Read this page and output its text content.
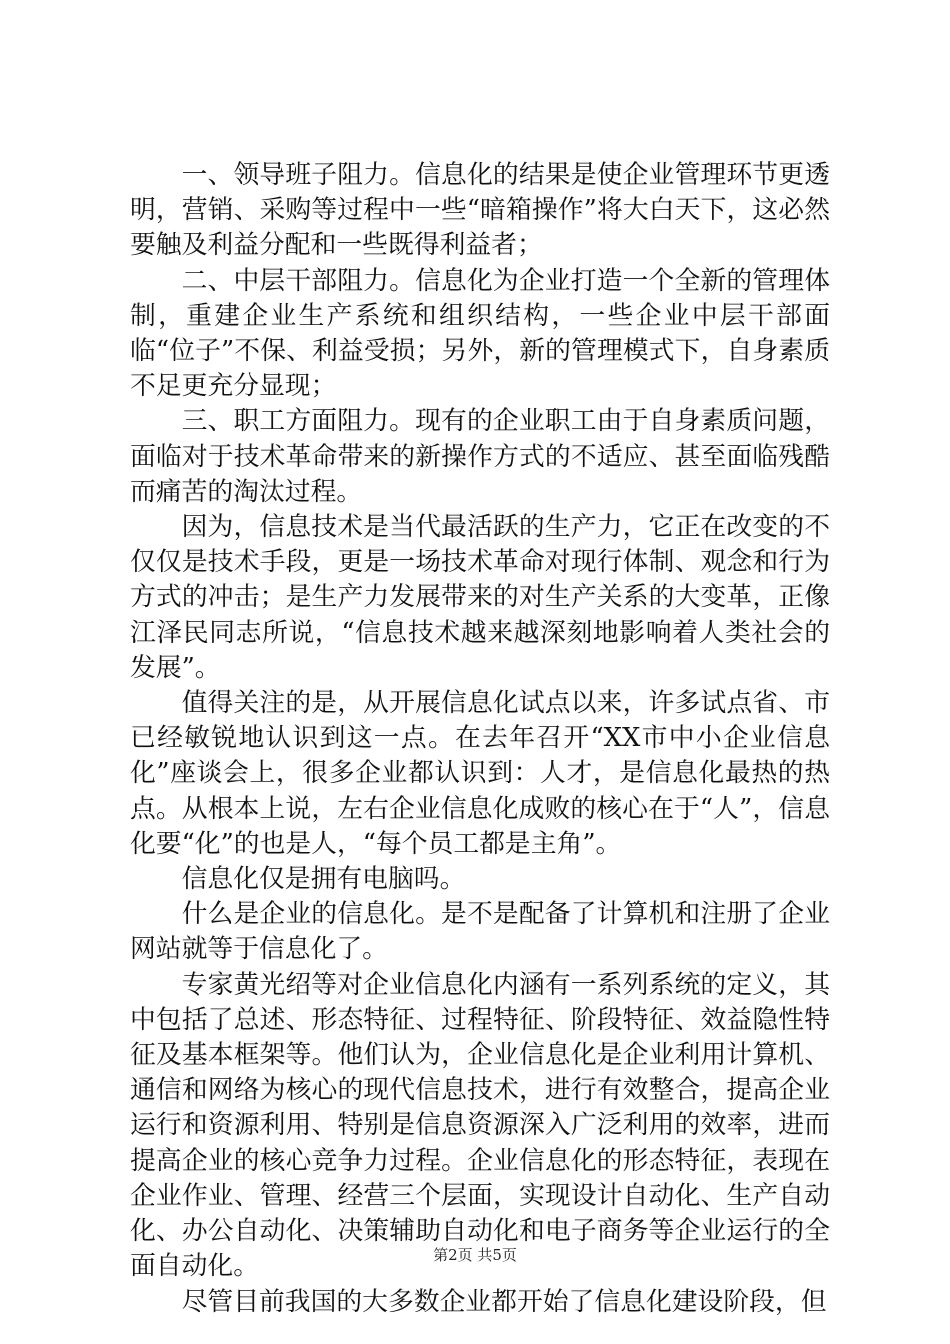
一、领导班子阻力。信息化的结果是使企业管理环节更透明，营销、采购等过程中一些“暗箱操作”将大白天下，这必然要触及利益分配和一些既得利益者；

二、中层干部阻力。信息化为企业打造一个全新的管理体制，重建企业生产系统和组织结构，一些企业中层干部面临“位子”不保、利益受损；另外，新的管理模式下，自身素质不足更充分显现；

三、职工方面阻力。现有的企业职工由于自身素质问题，面临对于技术革命带来的新操作方式的不适应、甚至面临残酷而痛苦的淘汰过程。

因为，信息技术是当代最活跃的生产力，它正在改变的不仅仅是技术手段，更是一场技术革命对现行体制、观念和行为方式的冲击；是生产力发展带来的对生产关系的大变革，正像江泽民同志所说，“信息技术越来越深刻地影响着人类社会的发展”。

值得关注的是，从开展信息化试点以来，许多试点省、市已经敏锐地认识到这一点。在去年召开“XX市中小企业信息化”座谈会上，很多企业都认识到：人才，是信息化最热的热点。从根本上说，左右企业信息化成败的核心在于“人”，信息化要“化”的也是人，“每个员工都是主角”。

信息化仅是拥有电脑吗。

什么是企业的信息化。是不是配备了计算机和注册了企业网站就等于信息化了。

专家黄光绍等对企业信息化内涵有一系列系统的定义，其中包括了总述、形态特征、过程特征、阶段特征、效益隐性特征及基本框架等。他们认为，企业信息化是企业利用计算机、通信和网络为核心的现代信息技术，进行有效整合，提高企业运行和资源利用、特别是信息资源深入广泛利用的效率，进而提高企业的核心竞争力过程。企业信息化的形态特征，表现在企业作业、管理、经营三个层面，实现设计自动化、生产自动化、办公自动化、决策辅助自动化和电子商务等企业运行的全面自动化。

尽管目前我国的大多数企业都开始了信息化建设阶段，但

第2页 共5页
